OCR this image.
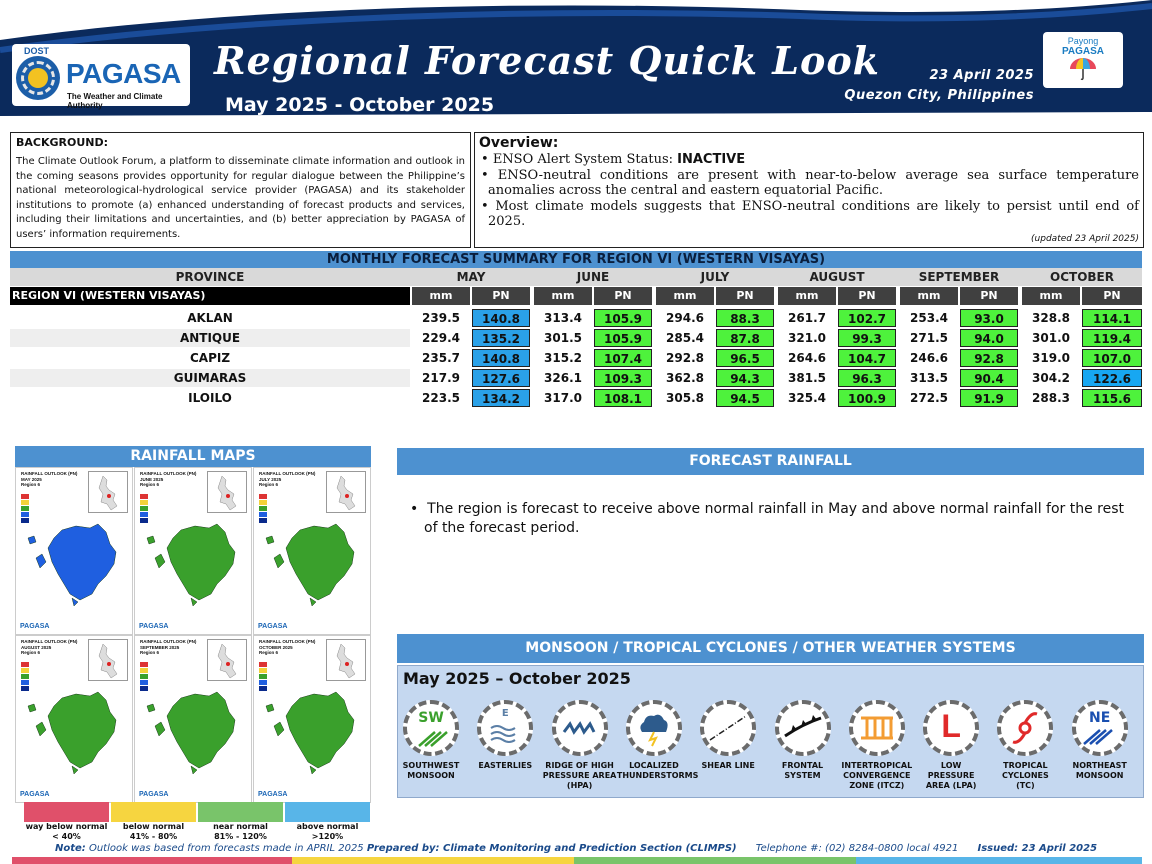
DOST
PAGASA
The Weather and Climate Authority
Regional Forecast Quick Look
May 2025 - October 2025
23 April 2025
Quezon City, Philippines
Payong
PAGASA
BACKGROUND:
The Climate Outlook Forum, a platform to disseminate climate information and outlook in the coming seasons provides opportunity for regular dialogue between the Philippine’s national meteorological-hydrological service provider (PAGASA) and its stakeholder institutions to promote (a) enhanced understanding of forecast products and services, including their limitations and uncertainties, and (b) better appreciation by PAGASA of users’ information requirements.
Overview:
• ENSO Alert System Status: INACTIVE
• ENSO-neutral conditions are present with near-to-below average sea surface temperature anomalies across the central and eastern equatorial Pacific.
• Most climate models suggests that ENSO-neutral conditions are likely to persist until end of 2025.
(updated 23 April 2025)
MONTHLY FORECAST SUMMARY FOR REGION VI (WESTERN VISAYAS)
PROVINCE	MAY	JUNE	JULY	AUGUST	SEPTEMBER	OCTOBER
REGION VI (WESTERN VISAYAS)	mm	PN	mm	PN	mm	PN	mm	PN	mm	PN	mm	PN
AKLAN	239.5	140.8	313.4	105.9	294.6	88.3	261.7	102.7	253.4	93.0	328.8	114.1
ANTIQUE	229.4	135.2	301.5	105.9	285.4	87.8	321.0	99.3	271.5	94.0	301.0	119.4
CAPIZ	235.7	140.8	315.2	107.4	292.8	96.5	264.6	104.7	246.6	92.8	319.0	107.0
GUIMARAS	217.9	127.6	326.1	109.3	362.8	94.3	381.5	96.3	313.5	90.4	304.2	122.6
ILOILO	223.5	134.2	317.0	108.1	305.8	94.5	325.4	100.9	272.5	91.9	288.3	115.6
RAINFALL MAPS
RAINFALL OUTLOOK (PN)
MAY 2025
Region 6
PAGASA
RAINFALL OUTLOOK (PN)
JUNE 2025
Region 6
PAGASA
RAINFALL OUTLOOK (PN)
JULY 2025
Region 6
PAGASA
RAINFALL OUTLOOK (PN)
AUGUST 2025
Region 6
PAGASA
RAINFALL OUTLOOK (PN)
SEPTEMBER 2025
Region 6
PAGASA
RAINFALL OUTLOOK (PN)
OCTOBER 2025
Region 6
PAGASA
way below normal
< 40%
below normal
41% - 80%
near normal
81% - 120%
above normal
>120%
FORECAST RAINFALL
•  The region is forecast to receive above normal rainfall in May and above normal rainfall for the rest of the forecast period.
MONSOON / TROPICAL CYCLONES / OTHER WEATHER SYSTEMS
May 2025 – October 2025
SW
SOUTHWEST
MONSOON
E
EASTERLIES	RIDGE OF HIGH
PRESSURE AREA
(HPA)
LOCALIZED
THUNDERSTORMS
SHEAR LINE	FRONTAL
SYSTEM
INTERTROPICAL
CONVERGENCE
ZONE (ITCZ)
L
LOW
PRESSURE
AREA (LPA)
TROPICAL
CYCLONES
(TC)
NE
NORTHEAST
MONSOON
Note: Outlook was based from forecasts made in APRIL 2025 Prepared by: Climate Monitoring and Prediction Section (CLIMPS) Telephone #: (02) 8284-0800 local 4921 Issued: 23 April 2025
